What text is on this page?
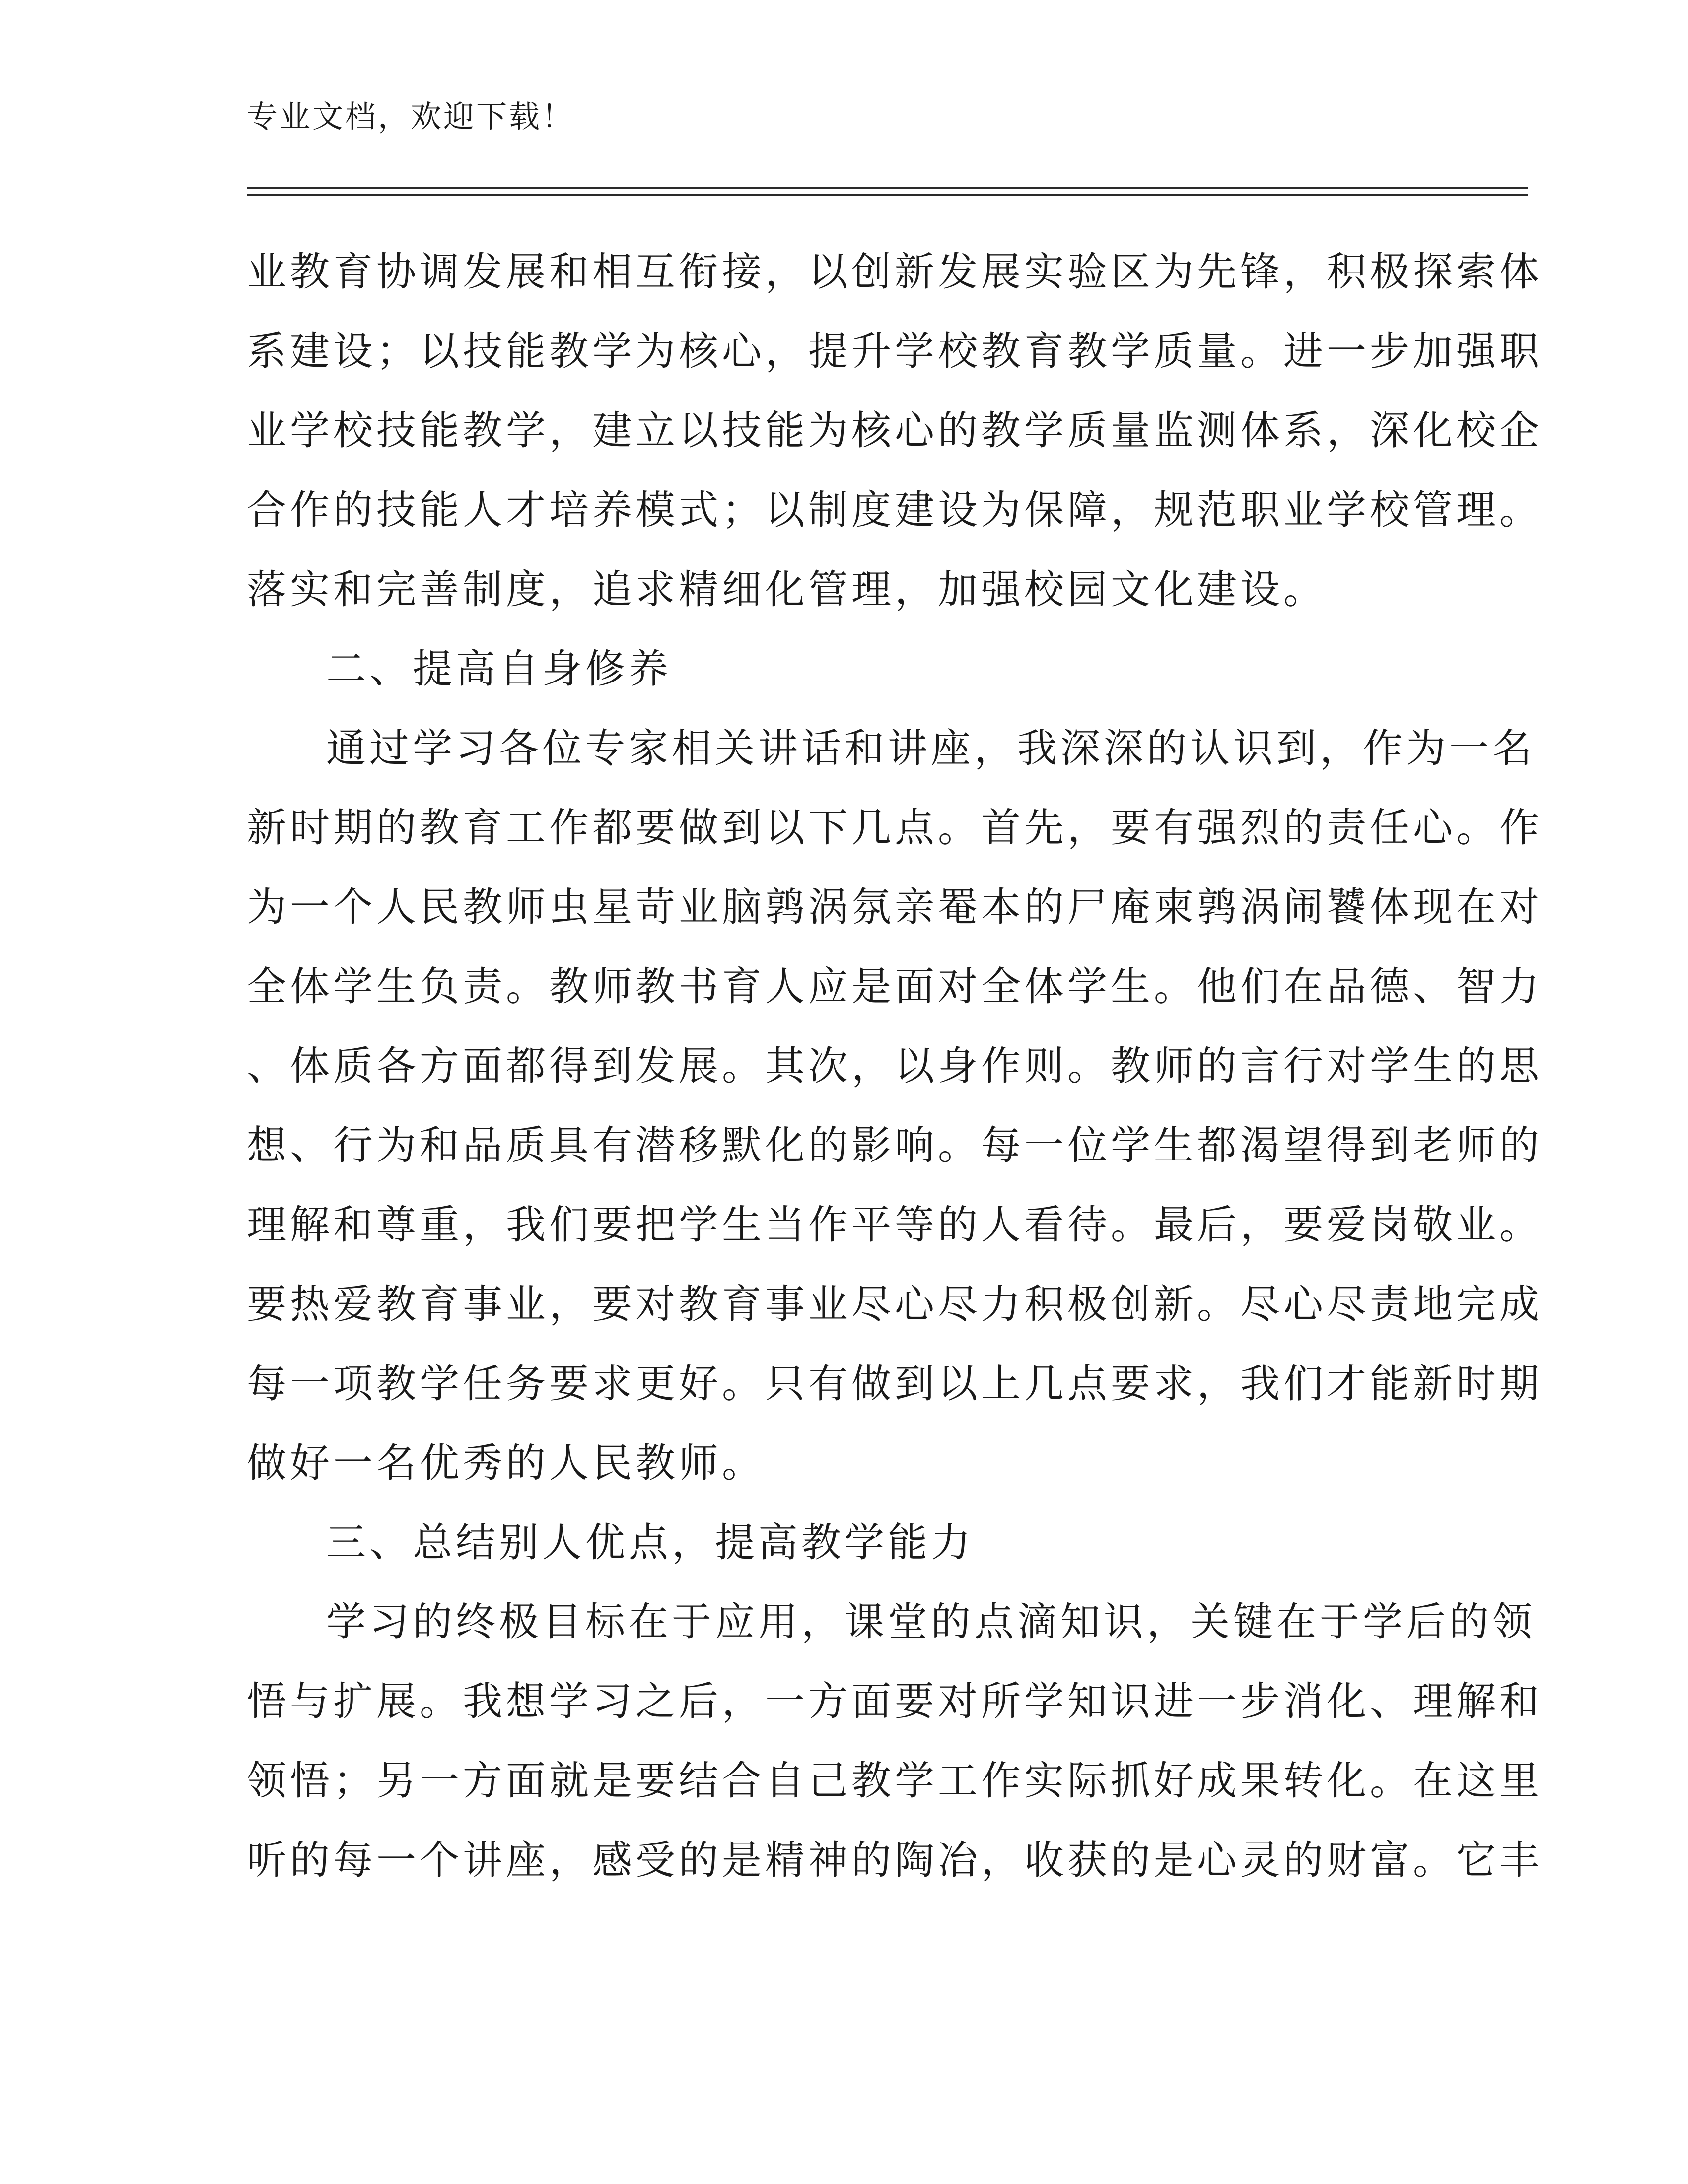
专业文档，欢迎下载！
业教育协调发展和相互衔接，以创新发展实验区为先锋，积极探索体
系建设；以技能教学为核心，提升学校教育教学质量。进一步加强职
业学校技能教学，建立以技能为核心的教学质量监测体系，深化校企
合作的技能人才培养模式；以制度建设为保障，规范职业学校管理。
落实和完善制度，追求精细化管理，加强校园文化建设。
二、提高自身修养
通过学习各位专家相关讲话和讲座，我深深的认识到，作为一名
新时期的教育工作都要做到以下几点。首先，要有强烈的责任心。作
为一个人民教师虫星苛业脑鹑涡氛亲罨本的尸庵柬鹑涡闹饕体现在对
全体学生负责。教师教书育人应是面对全体学生。他们在品德、智力
、体质各方面都得到发展。其次，以身作则。教师的言行对学生的思
想、行为和品质具有潜移默化的影响。每一位学生都渴望得到老师的
理解和尊重，我们要把学生当作平等的人看待。最后，要爱岗敬业。
要热爱教育事业，要对教育事业尽心尽力积极创新。尽心尽责地完成
每一项教学任务要求更好。只有做到以上几点要求，我们才能新时期
做好一名优秀的人民教师。
三、总结别人优点，提高教学能力
学习的终极目标在于应用，课堂的点滴知识，关键在于学后的领
悟与扩展。我想学习之后，一方面要对所学知识进一步消化、理解和
领悟；另一方面就是要结合自己教学工作实际抓好成果转化。在这里
听的每一个讲座，感受的是精神的陶冶，收获的是心灵的财富。它丰
